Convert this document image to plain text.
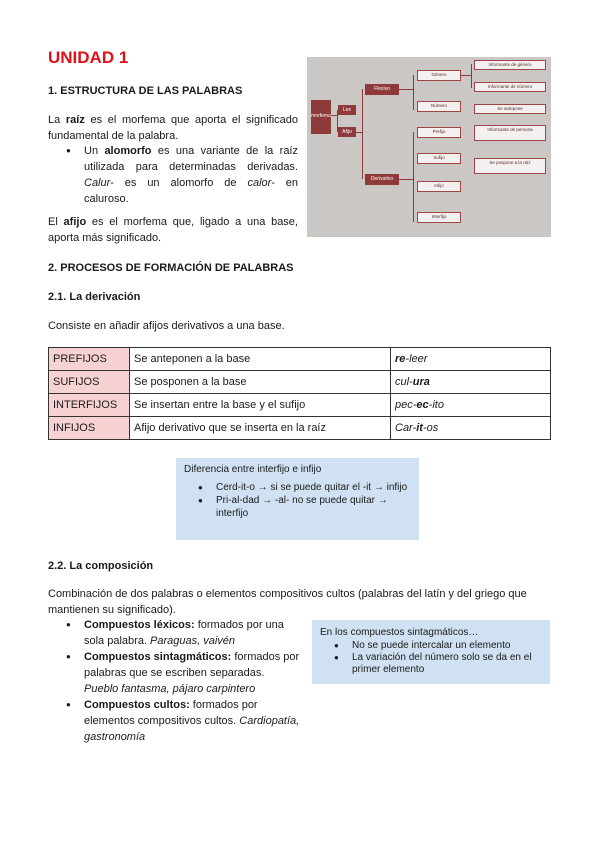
UNIDAD 1
1. ESTRUCTURA DE LAS PALABRAS
La raíz es el morfema que aporta el significado fundamental de la palabra.
● Un alomorfo es una variante de la raíz utilizada para determinadas derivadas. Calur- es un alomorfo de calor- en caluroso.
El afijo es el morfema que, ligado a una base, aporta más significado.
morfema
Lex
Afijo
Flexivo
Derivativo
Género
Número
Prefijo
Sufijo
Infijo
Interfijo
Informante de género
Informante de número
Se antepone
Informante de persona
Se pospone a la raíz
2. PROCESOS DE FORMACIÓN DE PALABRAS
2.1. La derivación
Consiste en añadir afijos derivativos a una base.
PREFIJOS	Se anteponen a la base	re-leer
SUFIJOS	Se posponen a la base	cul-ura
INTERFIJOS	Se insertan entre la base y el sufijo	pec-ec-ito
INFIJOS	Afijo derivativo que se inserta en la raíz	Car-it-os
Diferencia entre interfijo e infijo
● Cerd-it-o → si se puede quitar el -it → infijo
● Pri-al-dad → -al- no se puede quitar → interfijo
2.2. La composición
Combinación de dos palabras o elementos compositivos cultos (palabras del latín y del griego que mantienen su significado).
● Compuestos léxicos: formados por una sola palabra. Paraguas, vaivén
● Compuestos sintagmáticos: formados por palabras que se escriben separadas.
Pueblo fantasma, pájaro carpintero
● Compuestos cultos: formados por elementos compositivos cultos. Cardiopatía, gastronomía
En los compuestos sintagmáticos…
● No se puede intercalar un elemento
● La variación del número solo se da en el primer elemento
